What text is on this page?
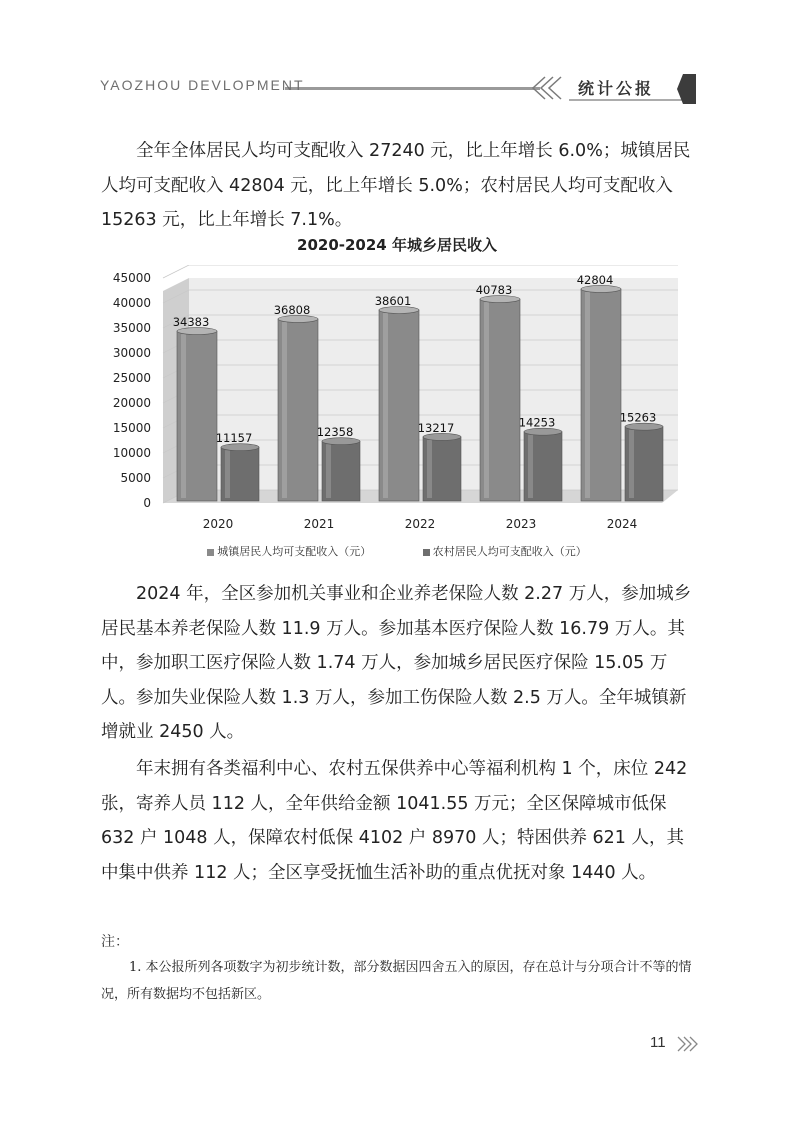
YAOZHOU DEVLOPMENT	统计公报
全年全体居民人均可支配收入 27240 元，比上年增长 6.0%；城镇居民人均可支配收入 42804 元，比上年增长 5.0%；农村居民人均可支配收入 15263 元，比上年增长 7.1%。
2020-2024 年城乡居民收入
0
5000
10000
15000
20000
25000
30000
35000
40000
45000
34383
11157
36808
12358
38601
13217
40783
14253
42804
15263
2020	2021	2022	2023	2024
城镇居民人均可支配收入（元）	农村居民人均可支配收入（元）
2024 年，全区参加机关事业和企业养老保险人数 2.27 万人，参加城乡居民基本养老保险人数 11.9 万人。参加基本医疗保险人数 16.79 万人。其中，参加职工医疗保险人数 1.74 万人，参加城乡居民医疗保险 15.05 万人。参加失业保险人数 1.3 万人，参加工伤保险人数 2.5 万人。全年城镇新增就业 2450 人。
年末拥有各类福利中心、农村五保供养中心等福利机构 1 个，床位 242 张，寄养人员 112 人，全年供给金额 1041.55 万元；全区保障城市低保 632 户 1048 人，保障农村低保 4102 户 8970 人；特困供养 621 人，其中集中供养 112 人；全区享受抚恤生活补助的重点优抚对象 1440 人。
注：
1. 本公报所列各项数字为初步统计数，部分数据因四舍五入的原因，存在总计与分项合计不等的情况，所有数据均不包括新区。
11
